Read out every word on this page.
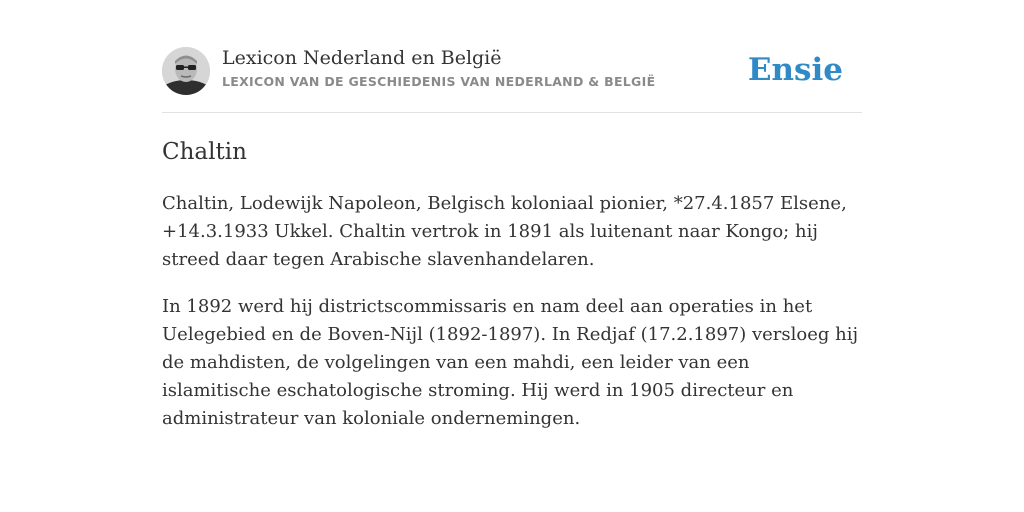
Lexicon Nederland en België
LEXICON VAN DE GESCHIEDENIS VAN NEDERLAND & BELGIË	Ensie
Chaltin

Chaltin, Lodewijk Napoleon, Belgisch koloniaal pionier, *27.4.1857 Elsene, +14.3.1933 Ukkel. Chaltin vertrok in 1891 als luitenant naar Kongo; hij streed daar tegen Arabische slavenhandelaren.

In 1892 werd hij districtscommissaris en nam deel aan operaties in het Uelegebied en de Boven-Nijl (1892-1897). In Redjaf (17.2.1897) versloeg hij de mahdisten, de volgelingen van een mahdi, een leider van een islamitische eschatologische stroming. Hij werd in 1905 directeur en administrateur van koloniale ondernemingen.
